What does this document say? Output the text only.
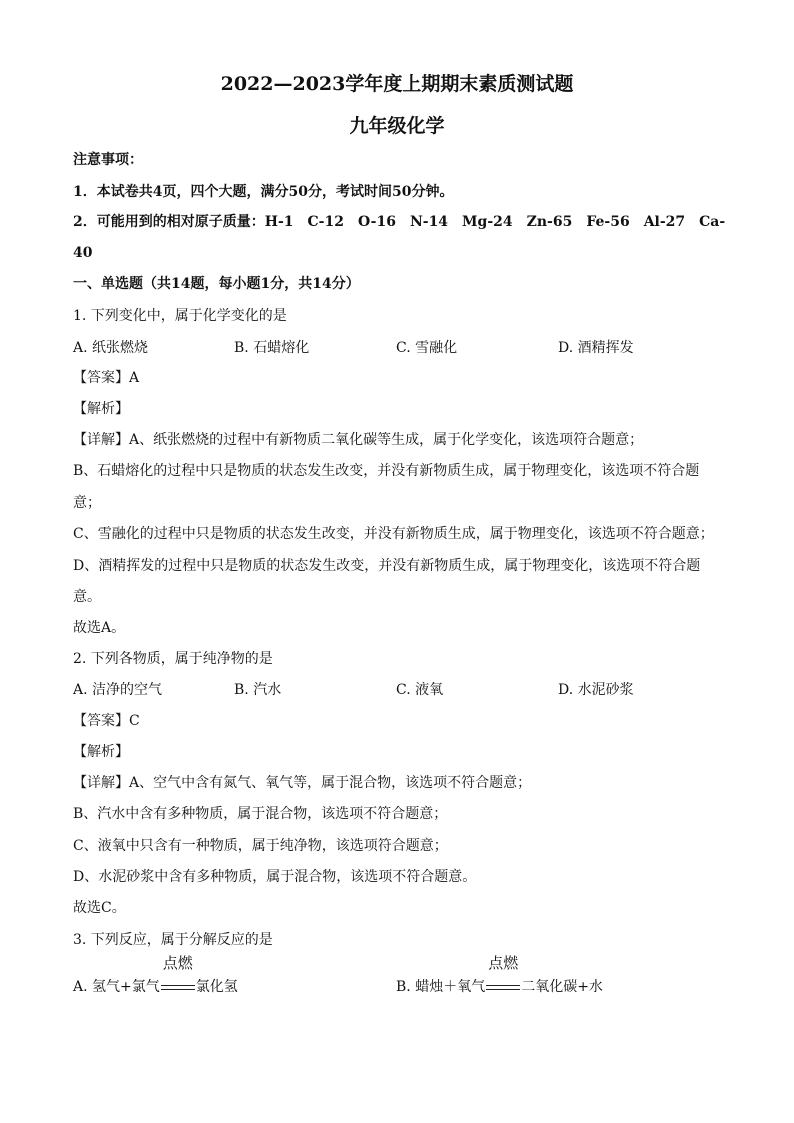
2022—2023学年度上期期末素质测试题
九年级化学
注意事项：
1．本试卷共4页，四个大题，满分50分，考试时间50分钟。
2．可能用到的相对原子质量：H-1　C-12　O-16　N-14　Mg-24　Zn-65　Fe-56　Al-27　Ca-
40
一、单选题（共14题，每小题1分，共14分）
1. 下列变化中，属于化学变化的是
A. 纸张燃烧	B. 石蜡熔化	C. 雪融化	D. 酒精挥发
【答案】A
【解析】
【详解】A、纸张燃烧的过程中有新物质二氧化碳等生成，属于化学变化，该选项符合题意；
B、石蜡熔化的过程中只是物质的状态发生改变，并没有新物质生成，属于物理变化，该选项不符合题
意；
C、雪融化的过程中只是物质的状态发生改变，并没有新物质生成，属于物理变化，该选项不符合题意；
D、酒精挥发的过程中只是物质的状态发生改变，并没有新物质生成，属于物理变化，该选项不符合题
意。
故选A。
2. 下列各物质，属于纯净物的是
A. 洁净的空气	B. 汽水	C. 液氧	D. 水泥砂浆
【答案】C
【解析】
【详解】A、空气中含有氮气、氧气等，属于混合物，该选项不符合题意；
B、汽水中含有多种物质，属于混合物，该选项不符合题意；
C、液氧中只含有一种物质，属于纯净物，该选项符合题意；
D、水泥砂浆中含有多种物质，属于混合物，该选项不符合题意。
故选C。
3. 下列反应，属于分解反应的是
A. 氢气+氯气
点燃
氯化氢	B. 蜡烛＋氧气
点燃
二氧化碳+水
